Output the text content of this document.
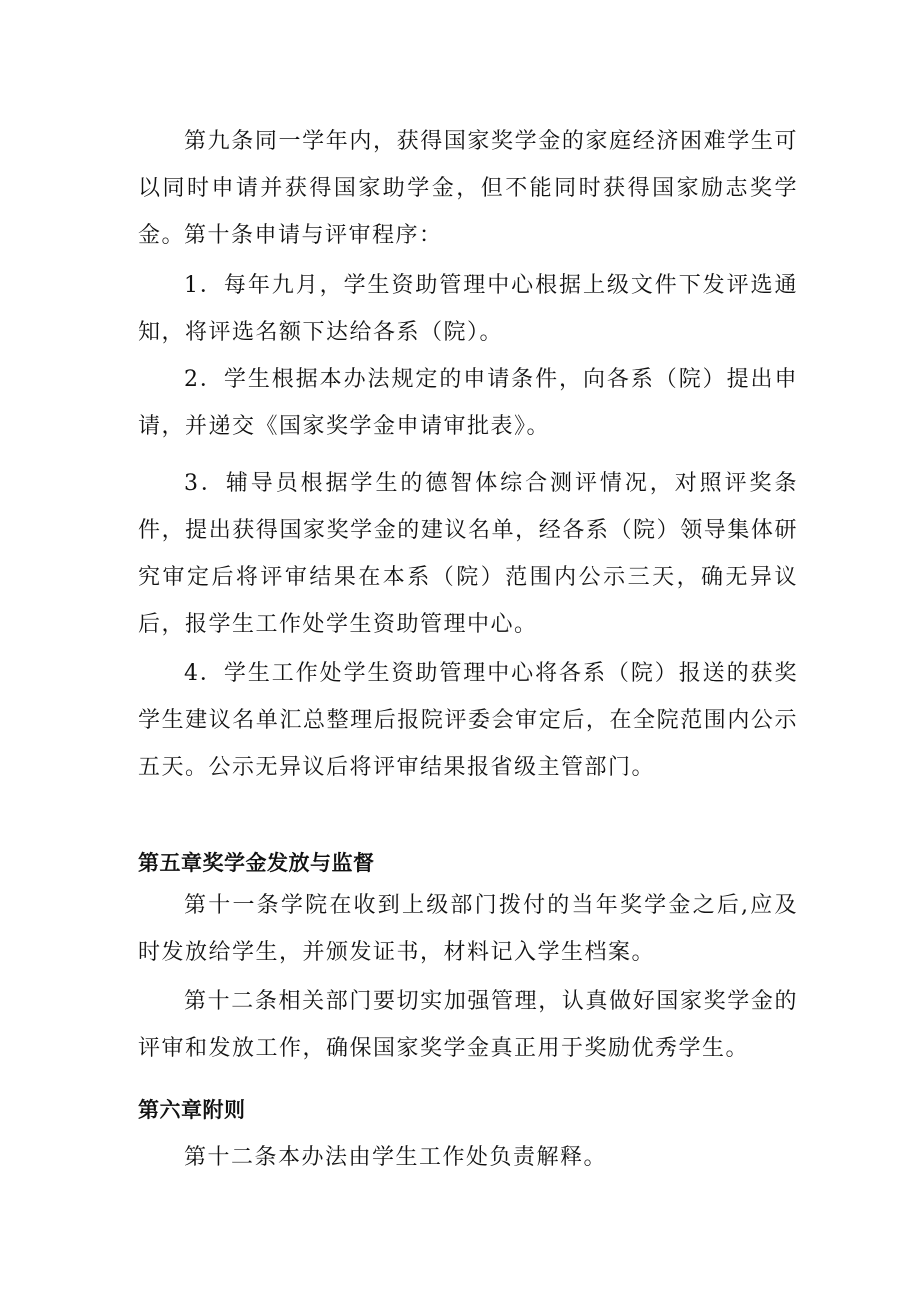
第九条同一学年内，获得国家奖学金的家庭经济困难学生可以同时申请并获得国家助学金，但不能同时获得国家励志奖学金。

第十条申请与评审程序：

1．每年九月，学生资助管理中心根据上级文件下发评选通知，将评选名额下达给各系（院）。

2．学生根据本办法规定的申请条件，向各系（院）提出申请，并递交《国家奖学金申请审批表》。

3．辅导员根据学生的德智体综合测评情况，对照评奖条件，提出获得国家奖学金的建议名单，经各系（院）领导集体研究审定后将评审结果在本系（院）范围内公示三天，确无异议后，报学生工作处学生资助管理中心。

4．学生工作处学生资助管理中心将各系（院）报送的获奖学生建议名单汇总整理后报院评委会审定后，在全院范围内公示五天。公示无异议后将评审结果报省级主管部门。

第五章奖学金发放与监督

第十一条学院在收到上级部门拨付的当年奖学金之后,应及时发放给学生，并颁发证书，材料记入学生档案。

第十二条相关部门要切实加强管理，认真做好国家奖学金的评审和发放工作，确保国家奖学金真正用于奖励优秀学生。

第六章附则

第十二条本办法由学生工作处负责解释。
